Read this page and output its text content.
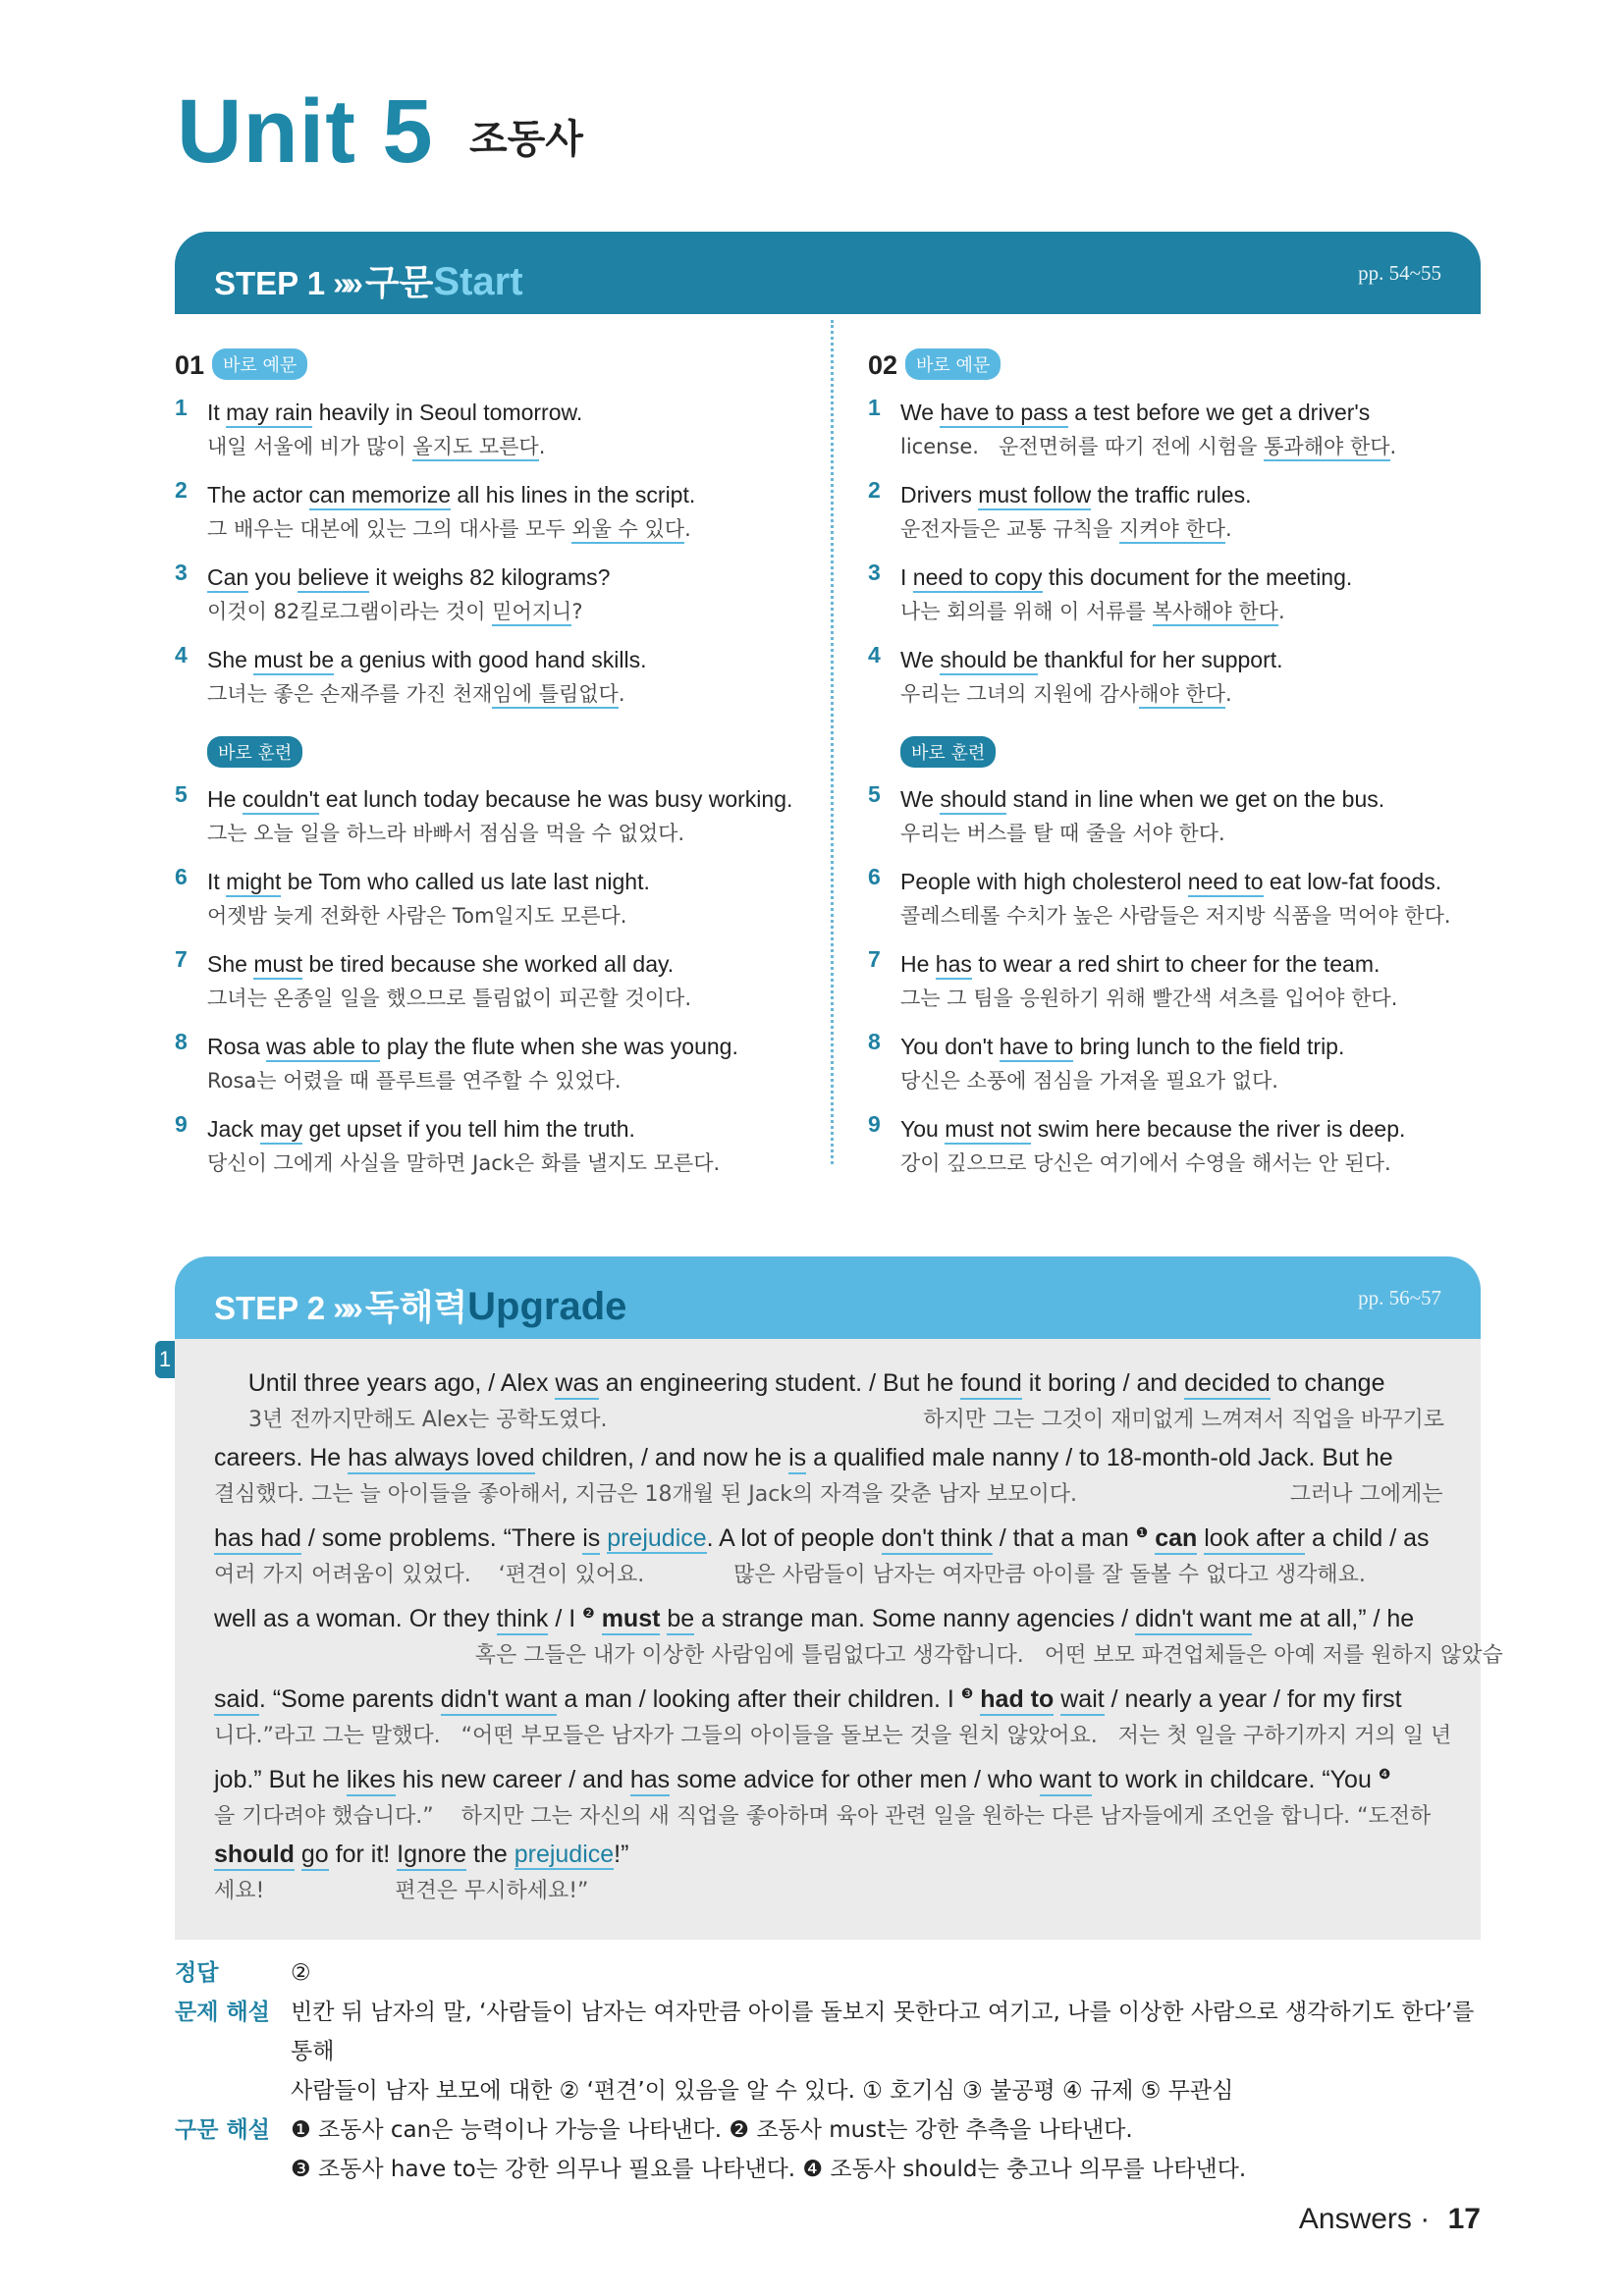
Unit 5 조동사
STEP 1 »» 구문Start	pp. 54~55
01 바로 예문
1 It may rain heavily in Seoul tomorrow.
내일 서울에 비가 많이 올지도 모른다.
2 The actor can memorize all his lines in the script.
그 배우는 대본에 있는 그의 대사를 모두 외울 수 있다.
3 Can you believe it weighs 82 kilograms?
이것이 82킬로그램이라는 것이 믿어지니?
4 She must be a genius with good hand skills.
그녀는 좋은 손재주를 가진 천재임에 틀림없다.
바로 훈련
5 He couldn't eat lunch today because he was busy working.
그는 오늘 일을 하느라 바빠서 점심을 먹을 수 없었다.
6 It might be Tom who called us late last night.
어젯밤 늦게 전화한 사람은 Tom일지도 모른다.
7 She must be tired because she worked all day.
그녀는 온종일 일을 했으므로 틀림없이 피곤할 것이다.
8 Rosa was able to play the flute when she was young.
Rosa는 어렸을 때 플루트를 연주할 수 있었다.
9 Jack may get upset if you tell him the truth.
당신이 그에게 사실을 말하면 Jack은 화를 낼지도 모른다.
02 바로 예문
1 We have to pass a test before we get a driver's
license.   운전면허를 따기 전에 시험을 통과해야 한다.
2 Drivers must follow the traffic rules.
운전자들은 교통 규칙을 지켜야 한다.
3 I need to copy this document for the meeting.
나는 회의를 위해 이 서류를 복사해야 한다.
4 We should be thankful for her support.
우리는 그녀의 지원에 감사해야 한다.
바로 훈련
5 We should stand in line when we get on the bus.
우리는 버스를 탈 때 줄을 서야 한다.
6 People with high cholesterol need to eat low-fat foods.
콜레스테롤 수치가 높은 사람들은 저지방 식품을 먹어야 한다.
7 He has to wear a red shirt to cheer for the team.
그는 그 팀을 응원하기 위해 빨간색 셔츠를 입어야 한다.
8 You don't have to bring lunch to the field trip.
당신은 소풍에 점심을 가져올 필요가 없다.
9 You must not swim here because the river is deep.
강이 깊으므로 당신은 여기에서 수영을 해서는 안 된다.
STEP 2 »» 독해력Upgrade	pp. 56~57
1
Until three years ago, / Alex was an engineering student. / But he found it boring / and decided to change
3년 전까지만해도 Alex는 공학도였다.                                              하지만 그는 그것이 재미없게 느껴져서 직업을 바꾸기로
careers. He has always loved children, / and now he is a qualified male nanny / to 18-month-old Jack. But he
결심했다. 그는 늘 아이들을 좋아해서, 지금은 18개월 된 Jack의 자격을 갖춘 남자 보모이다.                               그러나 그에게는
has had / some problems. “There is prejudice. A lot of people don't think / that a man $^❶$ can look after a child / as
여러 가지 어려움이 있었다.    ‘편견이 있어요.             많은 사람들이 남자는 여자만큼 아이를 잘 돌볼 수 없다고 생각해요.
well as a woman. Or they think / I $^❷$ must be a strange man. Some nanny agencies / didn't want me at all,” / he
혹은 그들은 내가 이상한 사람임에 틀림없다고 생각합니다.   어떤 보모 파견업체들은 아예 저를 원하지 않았습
said. “Some parents didn't want a man / looking after their children. I $^❸$ had to wait / nearly a year / for my first
니다.”라고 그는 말했다.   “어떤 부모들은 남자가 그들의 아이들을 돌보는 것을 원치 않았어요.   저는 첫 일을 구하기까지 거의 일 년
job.” But he likes his new career / and has some advice for other men / who want to work in childcare. “You $^❹$
을 기다려야 했습니다.”    하지만 그는 자신의 새 직업을 좋아하며 육아 관련 일을 원하는 다른 남자들에게 조언을 합니다. “도전하
should go for it! Ignore the prejudice!”
세요!                   편견은 무시하세요!”
정답	②
문제 해설 빈칸 뒤 남자의 말, ‘사람들이 남자는 여자만큼 아이를 돌보지 못한다고 여기고, 나를 이상한 사람으로 생각하기도 한다’를 통해
사람들이 남자 보모에 대한 ② ‘편견’이 있음을 알 수 있다. ① 호기심 ③ 불공평 ④ 규제 ⑤ 무관심
구문 해설 ❶ 조동사 can은 능력이나 가능을 나타낸다. ❷ 조동사 must는 강한 추측을 나타낸다.
❸ 조동사 have to는 강한 의무나 필요를 나타낸다. ❹ 조동사 should는 충고나 의무를 나타낸다.
Answers · 17
